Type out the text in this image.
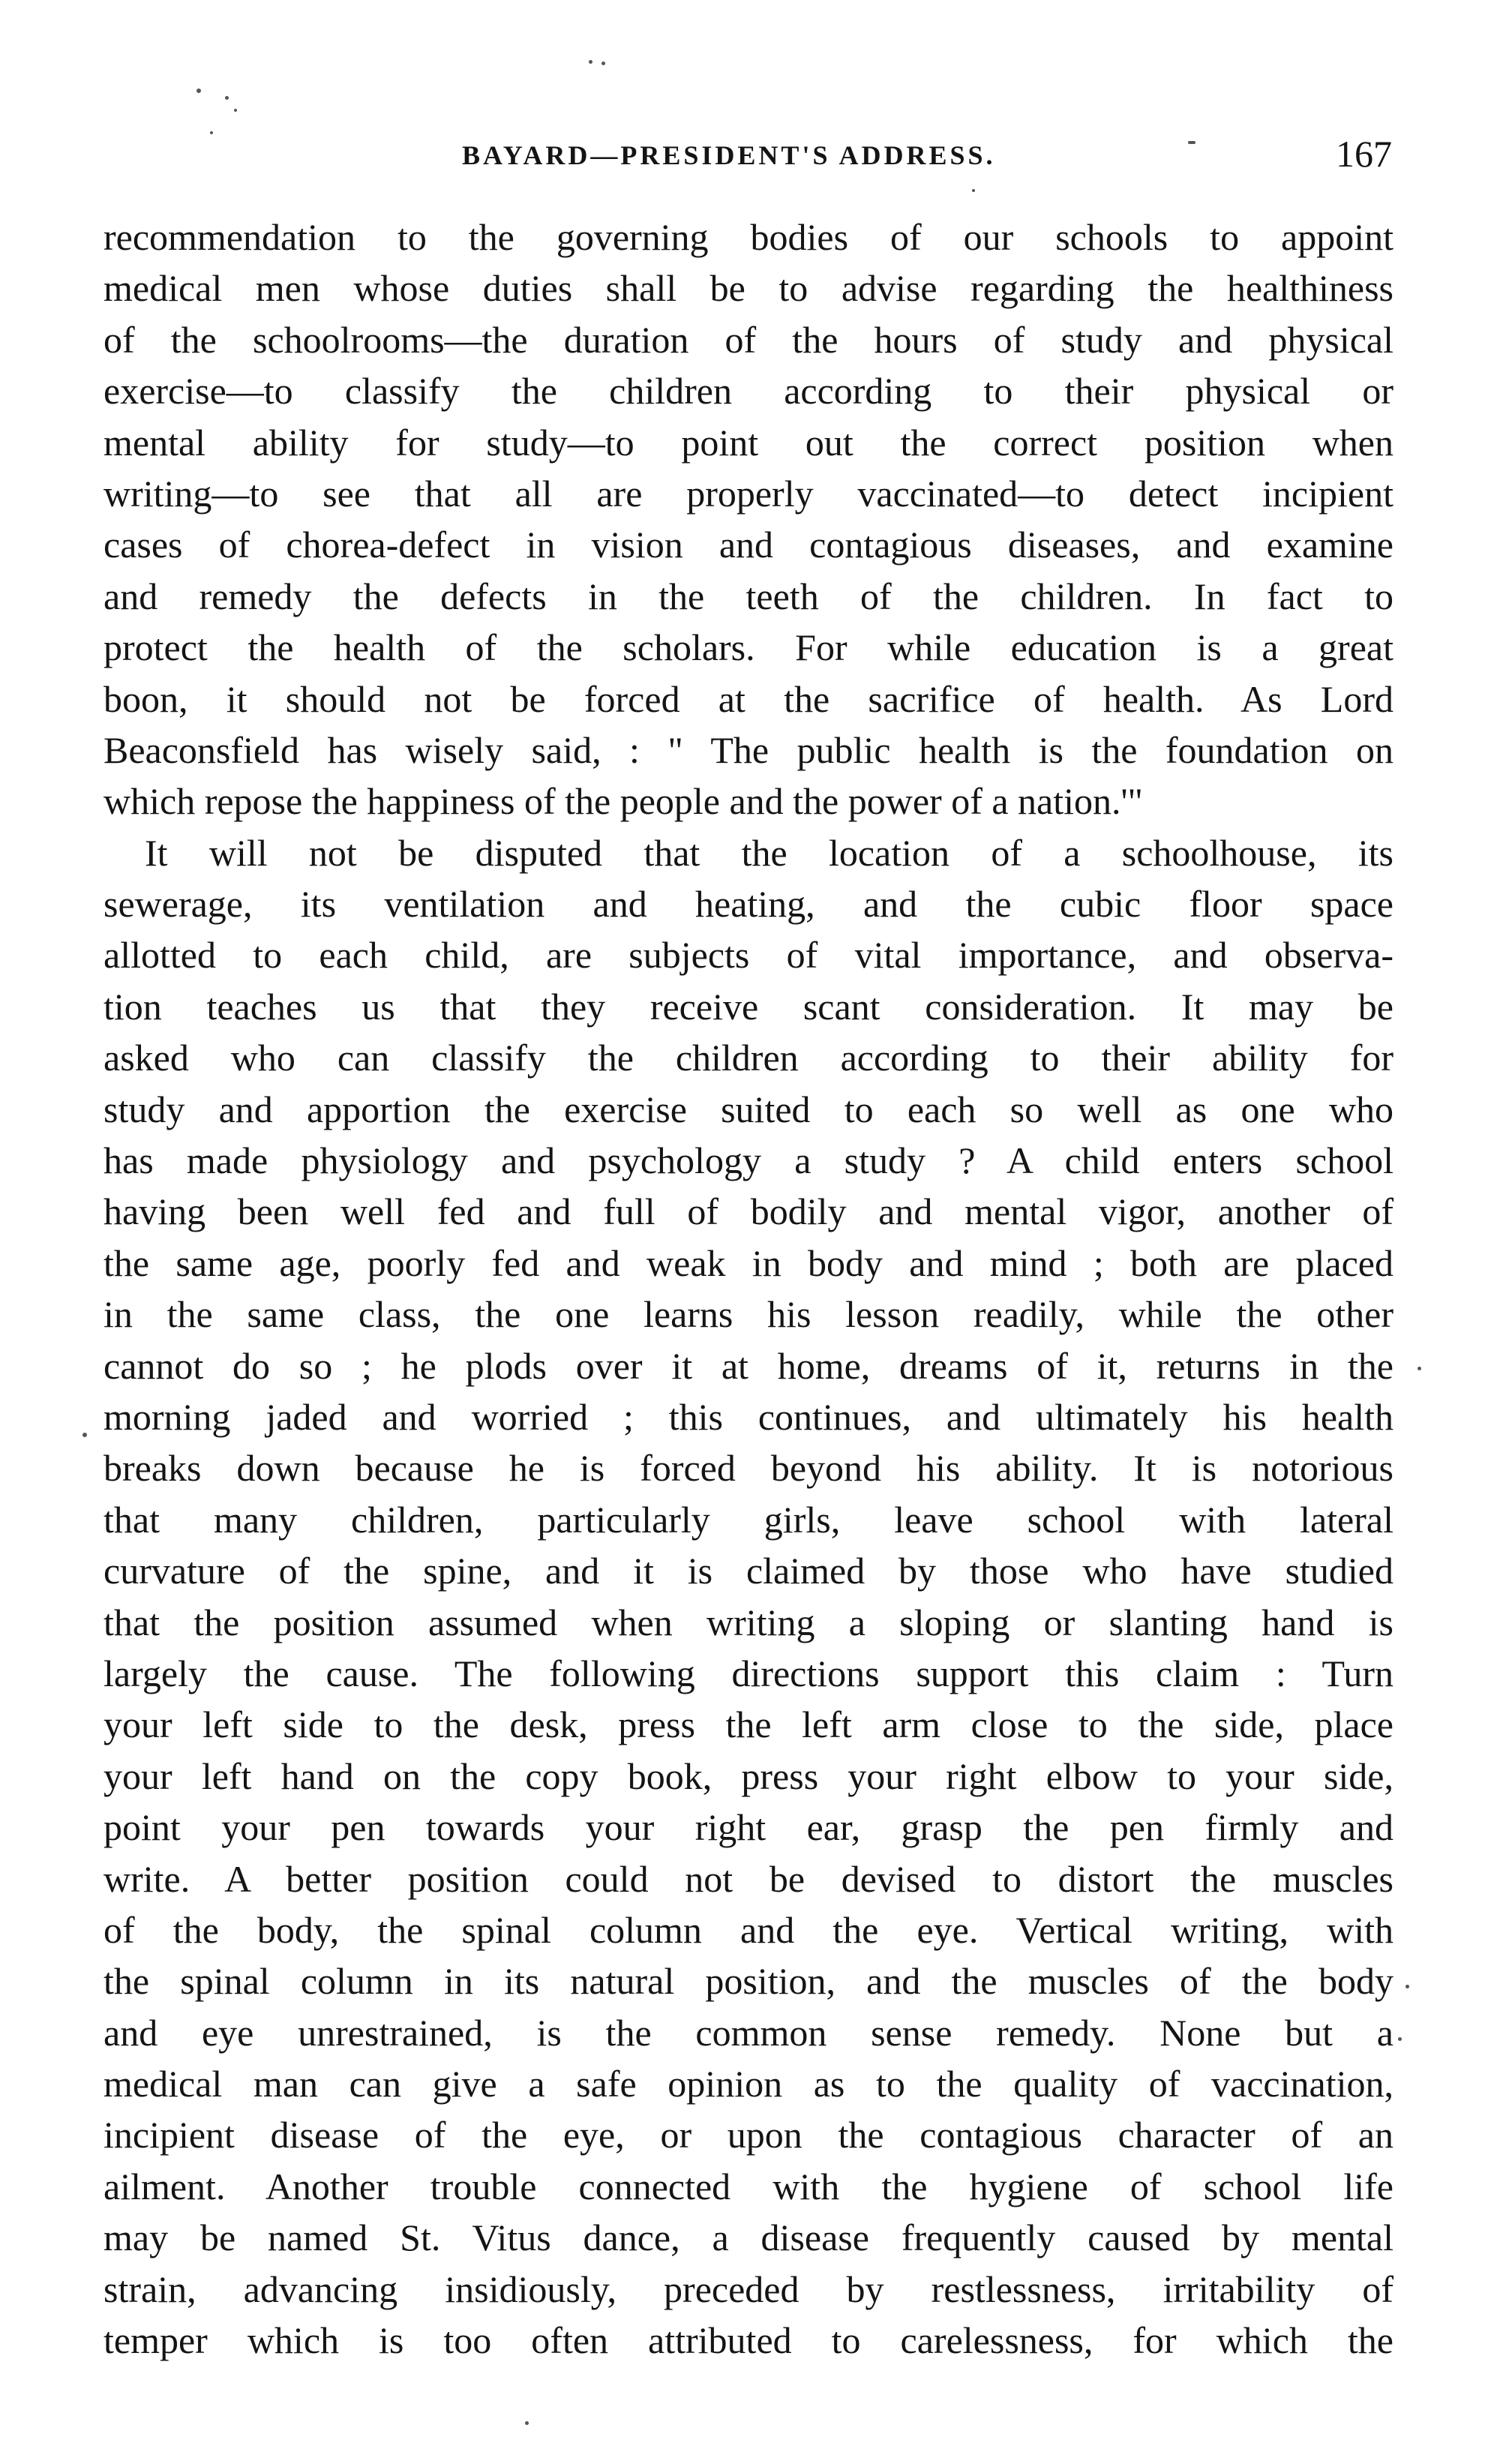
BAYARD—PRESIDENT'S ADDRESS.	167
recommendation to the governing bodies of our schools to appoint
medical men whose duties shall be to advise regarding the healthiness
of the schoolrooms—the duration of the hours of study and physical
exercise—to classify the children according to their physical or
mental ability for study—to point out the correct position when
writing—to see that all are properly vaccinated—to detect incipient
cases of chorea-defect in vision and contagious diseases, and examine
and remedy the defects in the teeth of the children. In fact to
protect the health of the scholars. For while education is a great
boon, it should not be forced at the sacrifice of health. As Lord
Beaconsfield has wisely said, : " The public health is the foundation on
which repose the happiness of the people and the power of a nation.'"
It will not be disputed that the location of a schoolhouse, its
sewerage, its ventilation and heating, and the cubic floor space
allotted to each child, are subjects of vital importance, and observa-
tion teaches us that they receive scant consideration. It may be
asked who can classify the children according to their ability for
study and apportion the exercise suited to each so well as one who
has made physiology and psychology a study ? A child enters school
having been well fed and full of bodily and mental vigor, another of
the same age, poorly fed and weak in body and mind ; both are placed
in the same class, the one learns his lesson readily, while the other
cannot do so ; he plods over it at home, dreams of it, returns in the
morning jaded and worried ; this continues, and ultimately his health
breaks down because he is forced beyond his ability. It is notorious
that many children, particularly girls, leave school with lateral
curvature of the spine, and it is claimed by those who have studied
that the position assumed when writing a sloping or slanting hand is
largely the cause. The following directions support this claim : Turn
your left side to the desk, press the left arm close to the side, place
your left hand on the copy book, press your right elbow to your side,
point your pen towards your right ear, grasp the pen firmly and
write. A better position could not be devised to distort the muscles
of the body, the spinal column and the eye. Vertical writing, with
the spinal column in its natural position, and the muscles of the body
and eye unrestrained, is the common sense remedy. None but a
medical man can give a safe opinion as to the quality of vaccination,
incipient disease of the eye, or upon the contagious character of an
ailment. Another trouble connected with the hygiene of school life
may be named St. Vitus dance, a disease frequently caused by mental
strain, advancing insidiously, preceded by restlessness, irritability of
temper which is too often attributed to carelessness, for which the
